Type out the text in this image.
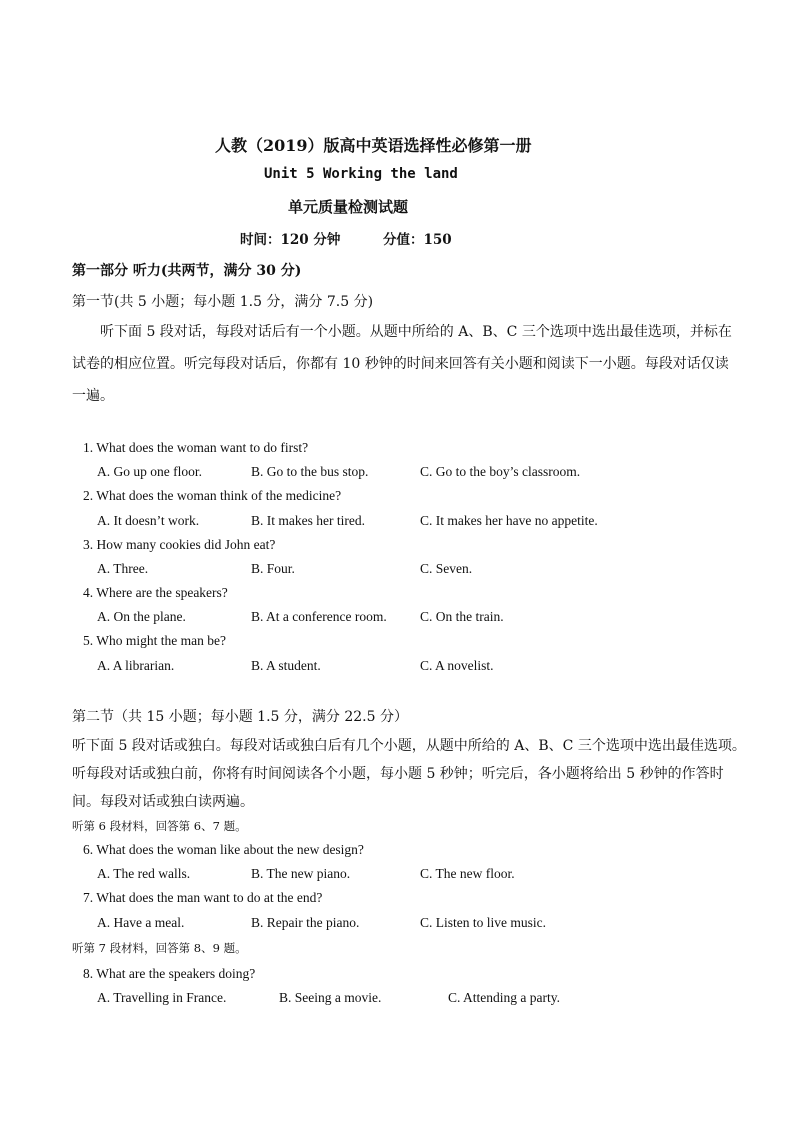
人教（2019）版高中英语选择性必修第一册
Unit 5 Working the land
单元质量检测试题
时间：120 分钟	分值：150
第一部分 听力(共两节，满分 30 分)
第一节(共 5 小题；每小题 1.5 分，满分 7.5 分)
听下面 5 段对话，每段对话后有一个小题。从题中所给的 A、B、C 三个选项中选出最佳选项，并标在
试卷的相应位置。听完每段对话后，你都有 10 秒钟的时间来回答有关小题和阅读下一小题。每段对话仅读
一遍。
1. What does the woman want to do first?
A. Go up one floor.	B. Go to the bus stop.	C. Go to the boy’s classroom.
2. What does the woman think of the medicine?
A. It doesn’t work.	B. It makes her tired.	C. It makes her have no appetite.
3. How many cookies did John eat?
A. Three.	B. Four.	C. Seven.
4. Where are the speakers?
A. On the plane.	B. At a conference room. C. On the train.
5. Who might the man be?
A. A librarian.	B. A student.	C. A novelist.
第二节（共 15 小题；每小题 1.5 分，满分 22.5 分）
听下面 5 段对话或独白。每段对话或独白后有几个小题，从题中所给的 A、B、C 三个选项中选出最佳选项。
听每段对话或独白前，你将有时间阅读各个小题，每小题 5 秒钟；听完后，各小题将给出 5 秒钟的作答时
间。每段对话或独白读两遍。
听第 6 段材料，回答第 6、7 题。
6. What does the woman like about the new design?
A. The red walls.	B. The new piano.	C. The new floor.
7. What does the man want to do at the end?
A. Have a meal.	B. Repair the piano.	C. Listen to live music.
听第 7 段材料，回答第 8、9 题。
8. What are the speakers doing?
A. Travelling in France.	B. Seeing a movie.	C. Attending a party.
